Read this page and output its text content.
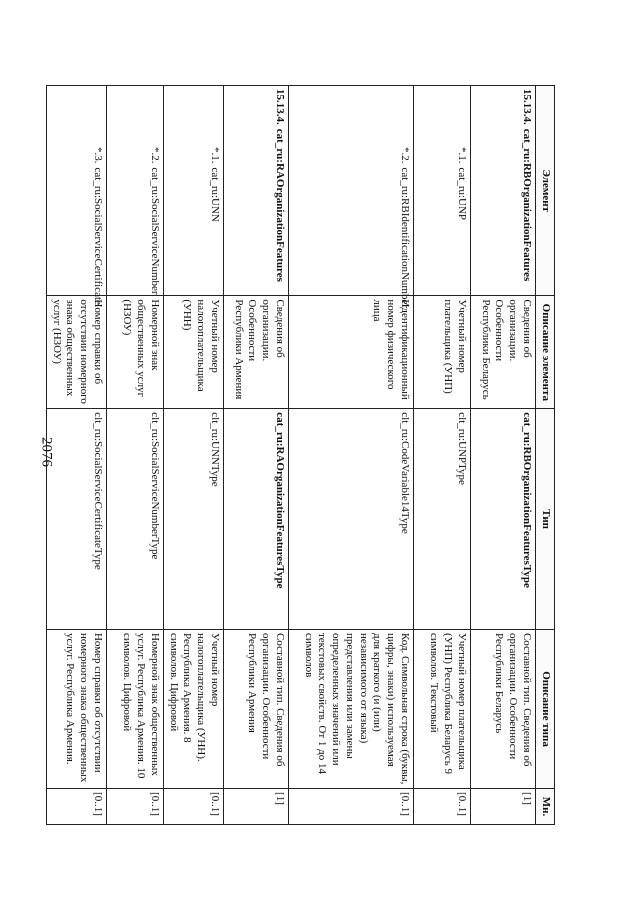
2076
Элемент	Описание элемента	Тип	Описание типа	Мн.

15.13.4.
cat_ru:RBOrganizationFeatures	Сведения об организации. Особенности Республики Беларусь	cat_ru:RBOrganizationFeaturesType	Составной тип. Сведения об организации. Особенности Республики Беларусь	[1]

*.1.
cat_ru:UNP	Учетный номер плательщика (УНП)	clt_ru:UNPType	Учетный номер плательщика (УНП) Республика Беларусь 9 символов. Текстовый	[0..1]

*.2.
cat_ru:RBIdentificationNumber	Идентификационный номер физического лица	clt_ru:CodeVariable14Type	Код. Символьная строка (буквы, цифры, знаки) используемая для краткого (и (или) независимого от языка) представления или замены определенных значений или текстовых свойств. От 1 до 14 символов	[0..1]

15.13.4.
cat_ru:RAOrganizationFeatures	Сведения об организации. Особенности Республики Армения	cat_ru:RAOrganizationFeaturesType	Составной тип. Сведения об организации. Особенности Республики Армения	[1]

*.1.
cat_ru:UNN	Учетный номер налогоплательщика (УНН)	clt_ru:UNNType	Учетный номер налогоплательщика (УНН). Республика Армения. 8 символов. Цифровой	[0..1]

*.2.
cat_ru:SocialServiceNumber	Номерной знак общественных услуг (НЗОУ)	clt_ru:SocialServiceNumberType	Номерной знак общественных услуг. Республика Армения. 10 символов. Цифровой	[0..1]

*.3.
cat_ru:SocialServiceCertificate	Номер справки об отсутствии номерного знака общественных услуг (НЗОУ)	clt_ru:SocialServiceCertificateType	Номер справки об отсутствии номерного знака общественных услуг. Республика Армения.	[0..1]
